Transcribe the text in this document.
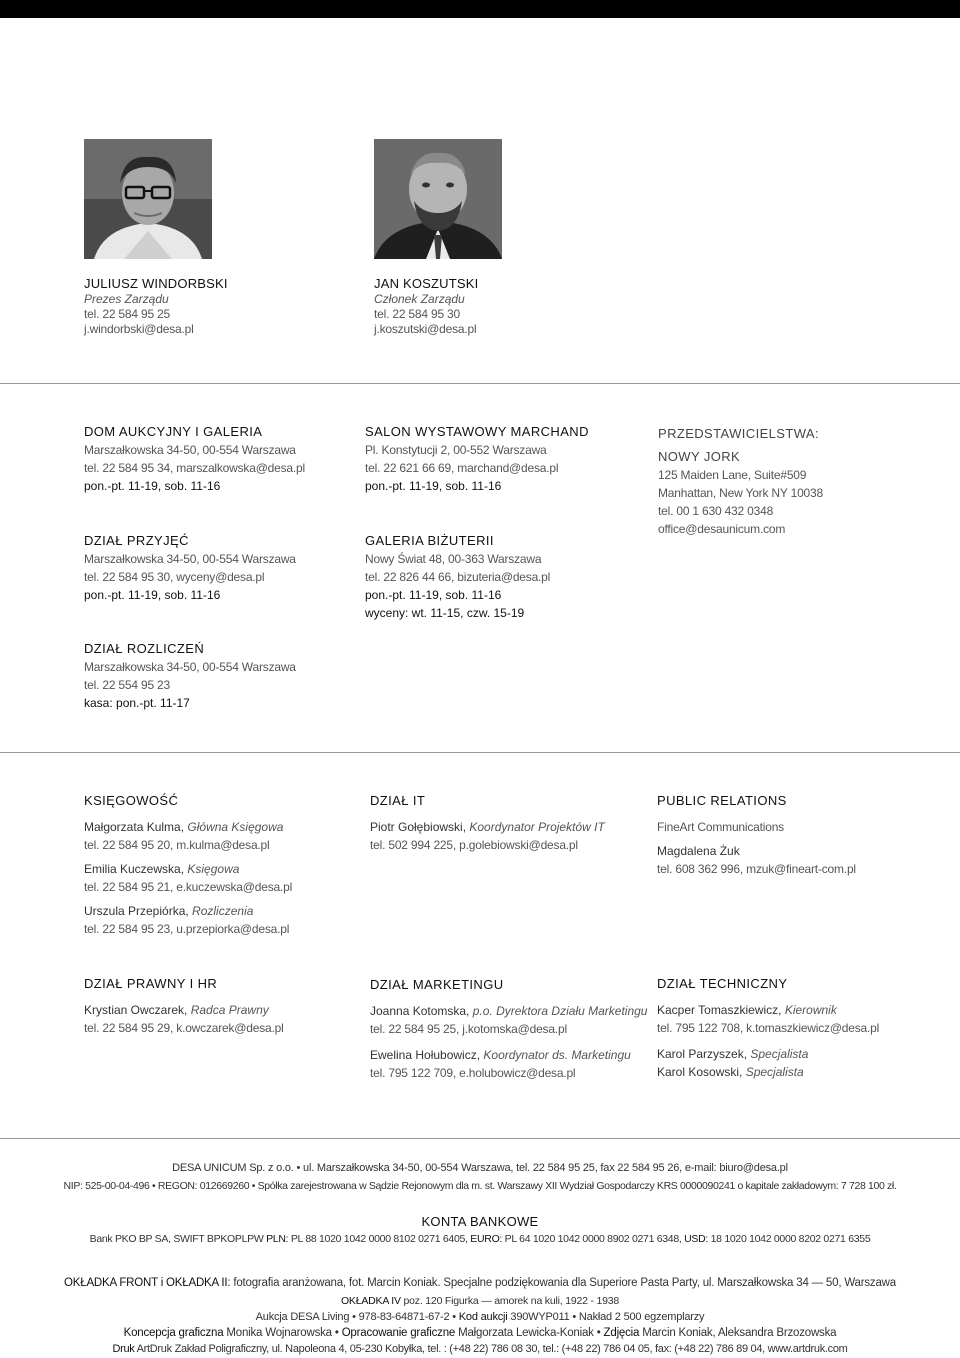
JULIUSZ WINDORBSKI
Prezes Zarządu
tel. 22 584 95 25
j.windorbski@desa.pl
JAN KOSZUTSKI
Członek Zarządu
tel. 22 584 95 30
j.koszutski@desa.pl
DOM AUKCYJNY I GALERIA
Marszałkowska 34-50, 00-554 Warszawa
tel. 22 584 95 34, marszalkowska@desa.pl
pon.-pt. 11-19, sob. 11-16
DZIAŁ PRZYJĘĆ
Marszałkowska 34-50, 00-554 Warszawa
tel. 22 584 95 30, wyceny@desa.pl
pon.-pt. 11-19, sob. 11-16
DZIAŁ ROZLICZEŃ
Marszałkowska 34-50, 00-554 Warszawa
tel. 22 554 95 23
kasa: pon.-pt. 11-17
SALON WYSTAWOWY MARCHAND
Pl. Konstytucji 2, 00-552 Warszawa
tel. 22 621 66 69, marchand@desa.pl
pon.-pt. 11-19, sob. 11-16
GALERIA BIŻUTERII
Nowy Świat 48, 00-363 Warszawa
tel. 22 826 44 66, bizuteria@desa.pl
pon.-pt. 11-19, sob. 11-16
wyceny: wt. 11-15, czw. 15-19
PRZEDSTAWICIELSTWA:
NOWY JORK
125 Maiden Lane, Suite#509
Manhattan, New York NY 10038
tel. 00 1 630 432 0348
office@desaunicum.com
KSIĘGOWOŚĆ
Małgorzata Kulma, Główna Księgowa
tel. 22 584 95 20, m.kulma@desa.pl
Emilia Kuczewska, Księgowa
tel. 22 584 95 21, e.kuczewska@desa.pl
Urszula Przepiórka, Rozliczenia
tel. 22 584 95 23, u.przepiorka@desa.pl
DZIAŁ IT
Piotr Gołębiowski, Koordynator Projektów IT
tel. 502 994 225, p.golebiowski@desa.pl
PUBLIC RELATIONS
FineArt Communications
Magdalena Żuk
tel. 608 362 996, mzuk@fineart-com.pl
DZIAŁ PRAWNY I HR
Krystian Owczarek, Radca Prawny
tel. 22 584 95 29, k.owczarek@desa.pl
DZIAŁ MARKETINGU
Joanna Kotomska, p.o. Dyrektora Działu Marketingu
tel. 22 584 95 25, j.kotomska@desa.pl
Ewelina Hołubowicz, Koordynator ds. Marketingu
tel. 795 122 709, e.holubowicz@desa.pl
DZIAŁ TECHNICZNY
Kacper Tomaszkiewicz, Kierownik
tel. 795 122 708, k.tomaszkiewicz@desa.pl
Karol Parzyszek, Specjalista
Karol Kosowski, Specjalista
DESA UNICUM Sp. z o.o. • ul. Marszałkowska 34-50, 00-554 Warszawa, tel. 22 584 95 25, fax 22 584 95 26, e-mail: biuro@desa.pl
NIP: 525-00-04-496 • REGON: 012669260 • Spółka zarejestrowana w Sądzie Rejonowym dla m. st. Warszawy XII Wydział Gospodarczy KRS 0000090241 o kapitale zakładowym: 7 728 100 zł.
KONTA BANKOWE
Bank PKO BP SA, SWIFT BPKOPLPW PLN: PL 88 1020 1042 0000 8102 0271 6405, EURO: PL 64 1020 1042 0000 8902 0271 6348, USD: 18 1020 1042 0000 8202 0271 6355
OKŁADKA FRONT i OKŁADKA II: fotografia aranżowana, fot. Marcin Koniak. Specjalne podziękowania dla Superiore Pasta Party, ul. Marszałkowska 34 — 50, Warszawa
OKŁADKA IV poz. 120 Figurka — amorek na kuli, 1922 - 1938
Aukcja DESA Living • 978-83-64871-67-2 • Kod aukcji 390WYP011 • Nakład 2 500 egzemplarzy
Koncepcja graficzna Monika Wojnarowska • Opracowanie graficzne Małgorzata Lewicka-Koniak • Zdjęcia Marcin Koniak, Aleksandra Brzozowska
Druk ArtDruk Zakład Poligraficzny, ul. Napoleona 4, 05-230 Kobyłka, tel. : (+48 22) 786 08 30, tel.: (+48 22) 786 04 05, fax: (+48 22) 786 89 04, www.artdruk.com
